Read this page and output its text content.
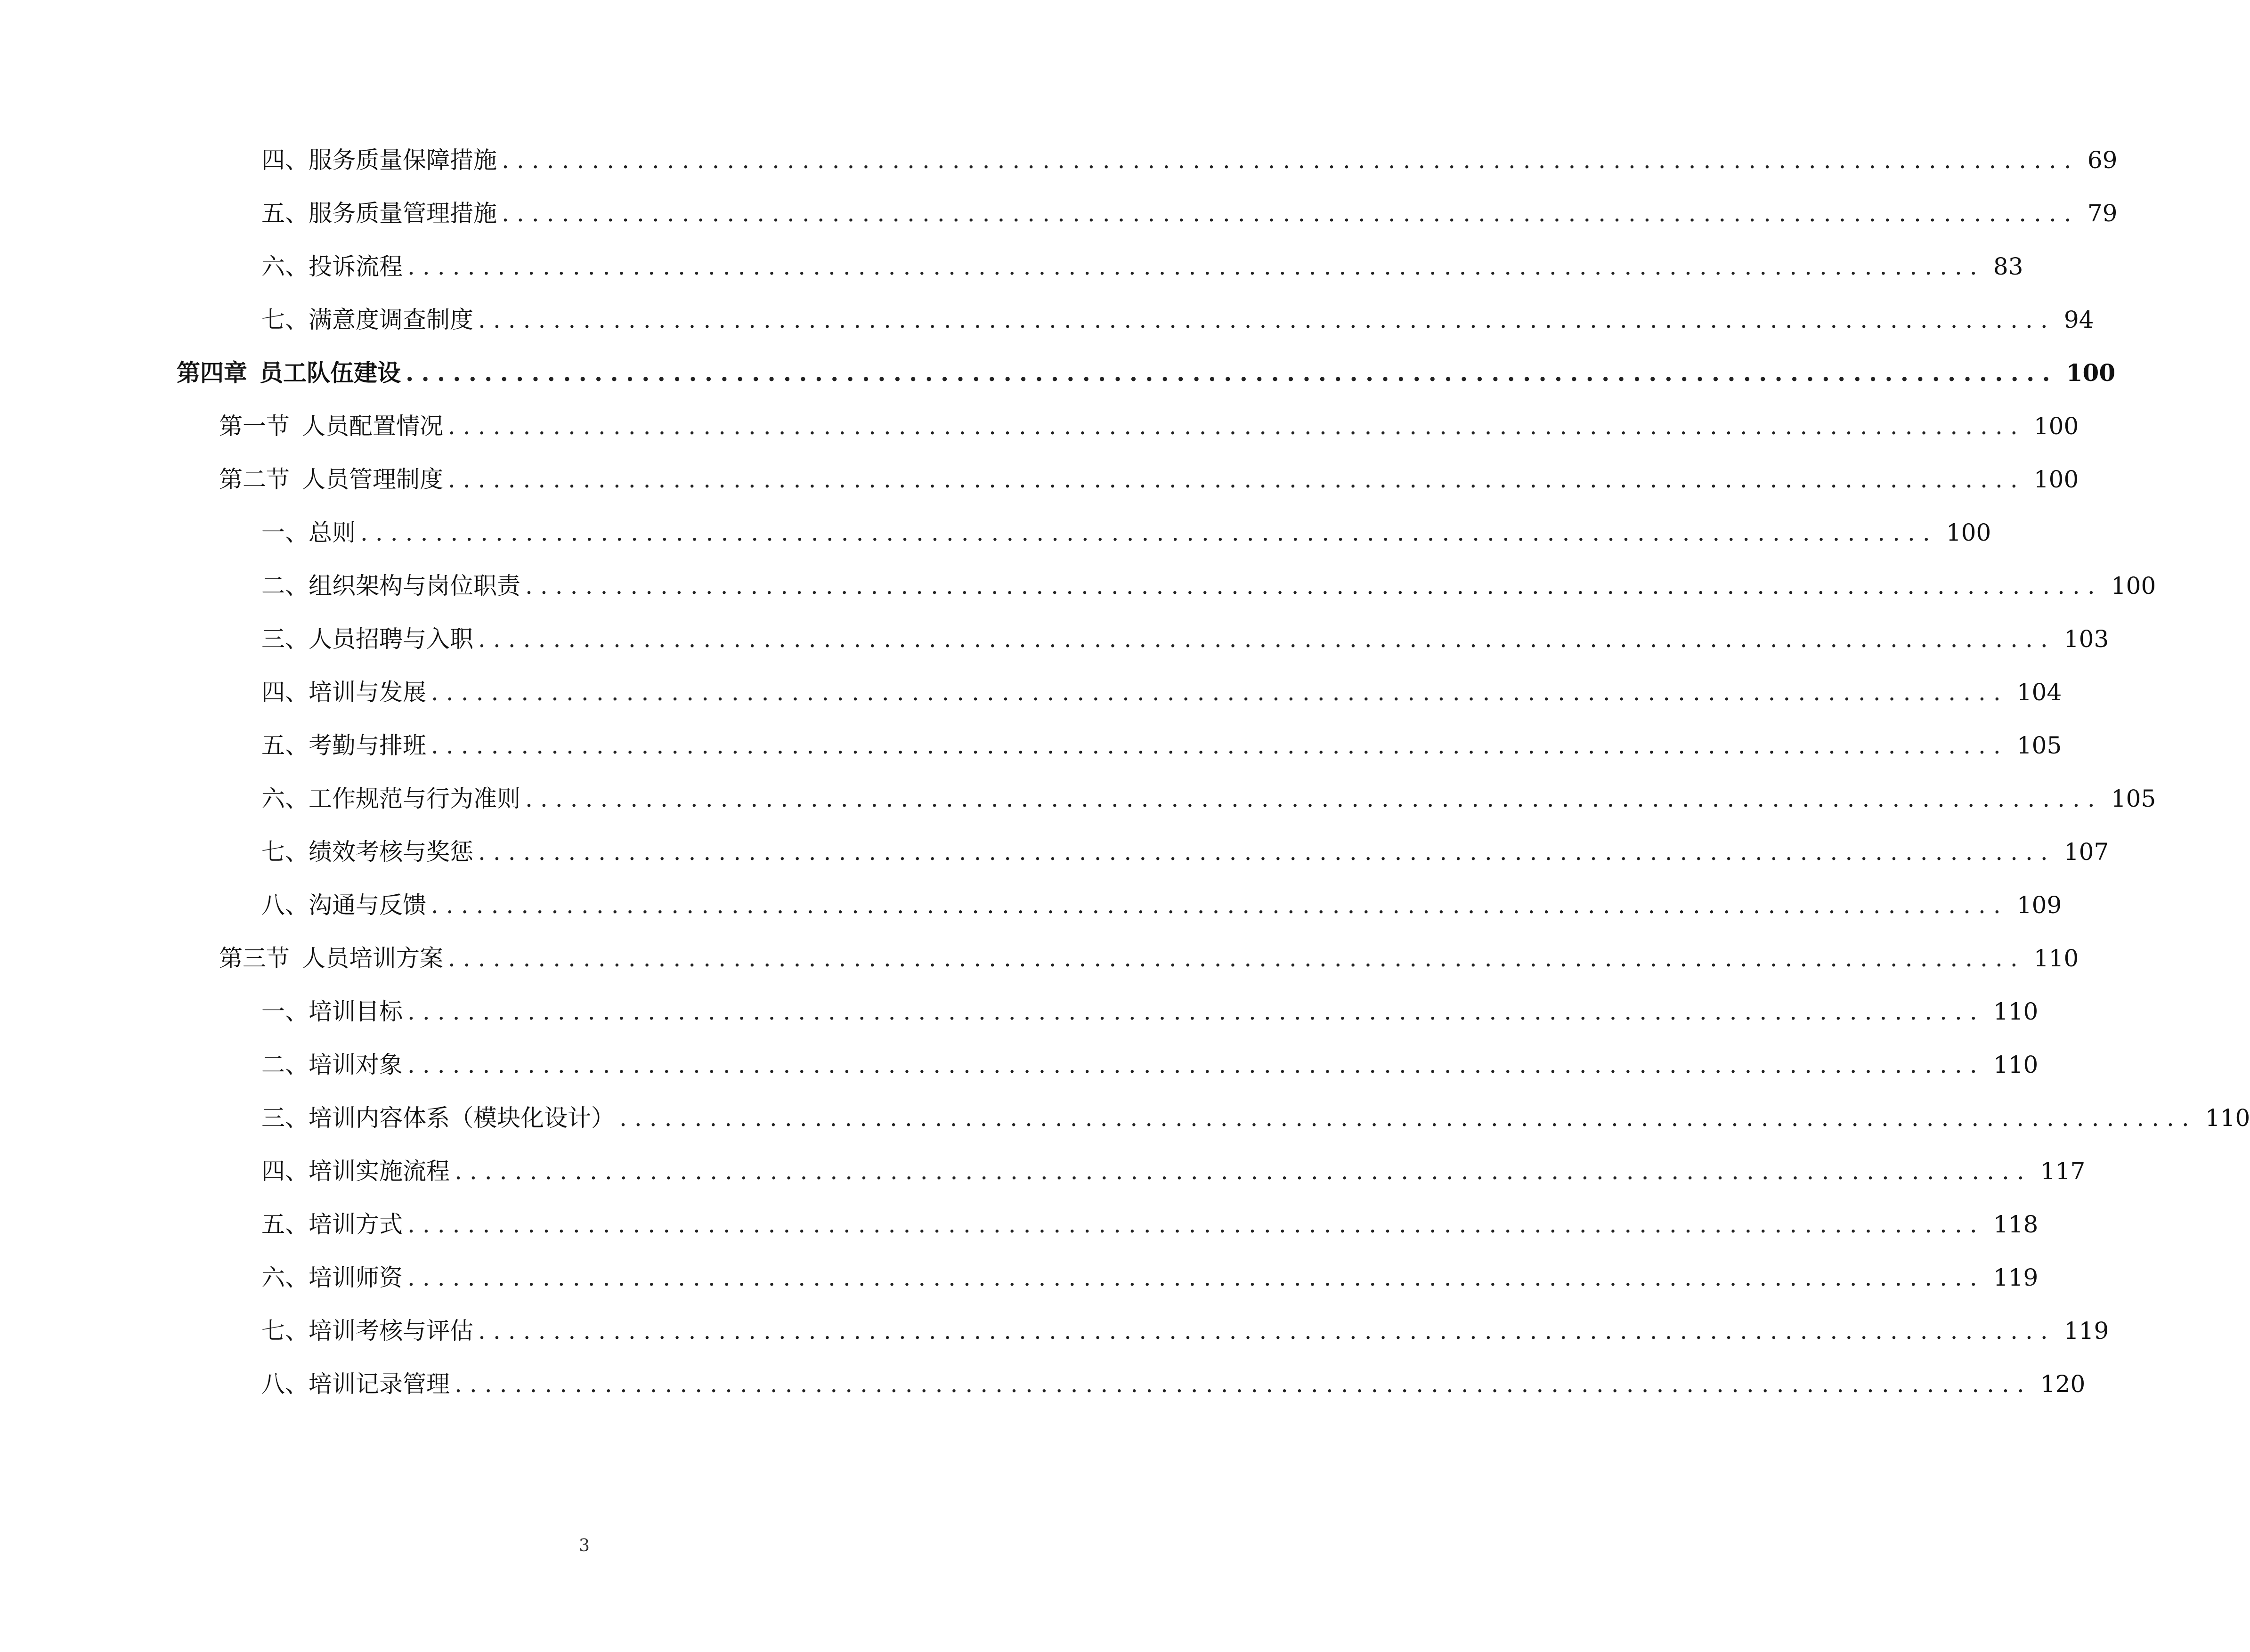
四、 服务质量保障措施 ......................................................................................................... 69
五、 服务质量管理措施 ......................................................................................................... 79
六、 投诉流程 ......................................................................................................... 83
七、 满意度调查制度 ......................................................................................................... 94
第四章 员工队伍建设 ......................................................................................................... 100
第一节 人员配置情况 ......................................................................................................... 100
第二节 人员管理制度 ......................................................................................................... 100
一、 总则 ......................................................................................................... 100
二、 组织架构与岗位职责 ......................................................................................................... 100
三、 人员招聘与入职 ......................................................................................................... 103
四、 培训与发展 ......................................................................................................... 104
五、 考勤与排班 ......................................................................................................... 105
六、 工作规范与行为准则 ......................................................................................................... 105
七、 绩效考核与奖惩 ......................................................................................................... 107
八、 沟通与反馈 ......................................................................................................... 109
第三节 人员培训方案 ......................................................................................................... 110
一、 培训目标 ......................................................................................................... 110
二、 培训对象 ......................................................................................................... 110
三、 培训内容体系（模块化设计） ......................................................................................................... 110
四、 培训实施流程 ......................................................................................................... 117
五、 培训方式 ......................................................................................................... 118
六、 培训师资 ......................................................................................................... 119
七、 培训考核与评估 ......................................................................................................... 119
八、 培训记录管理 ......................................................................................................... 120
3
